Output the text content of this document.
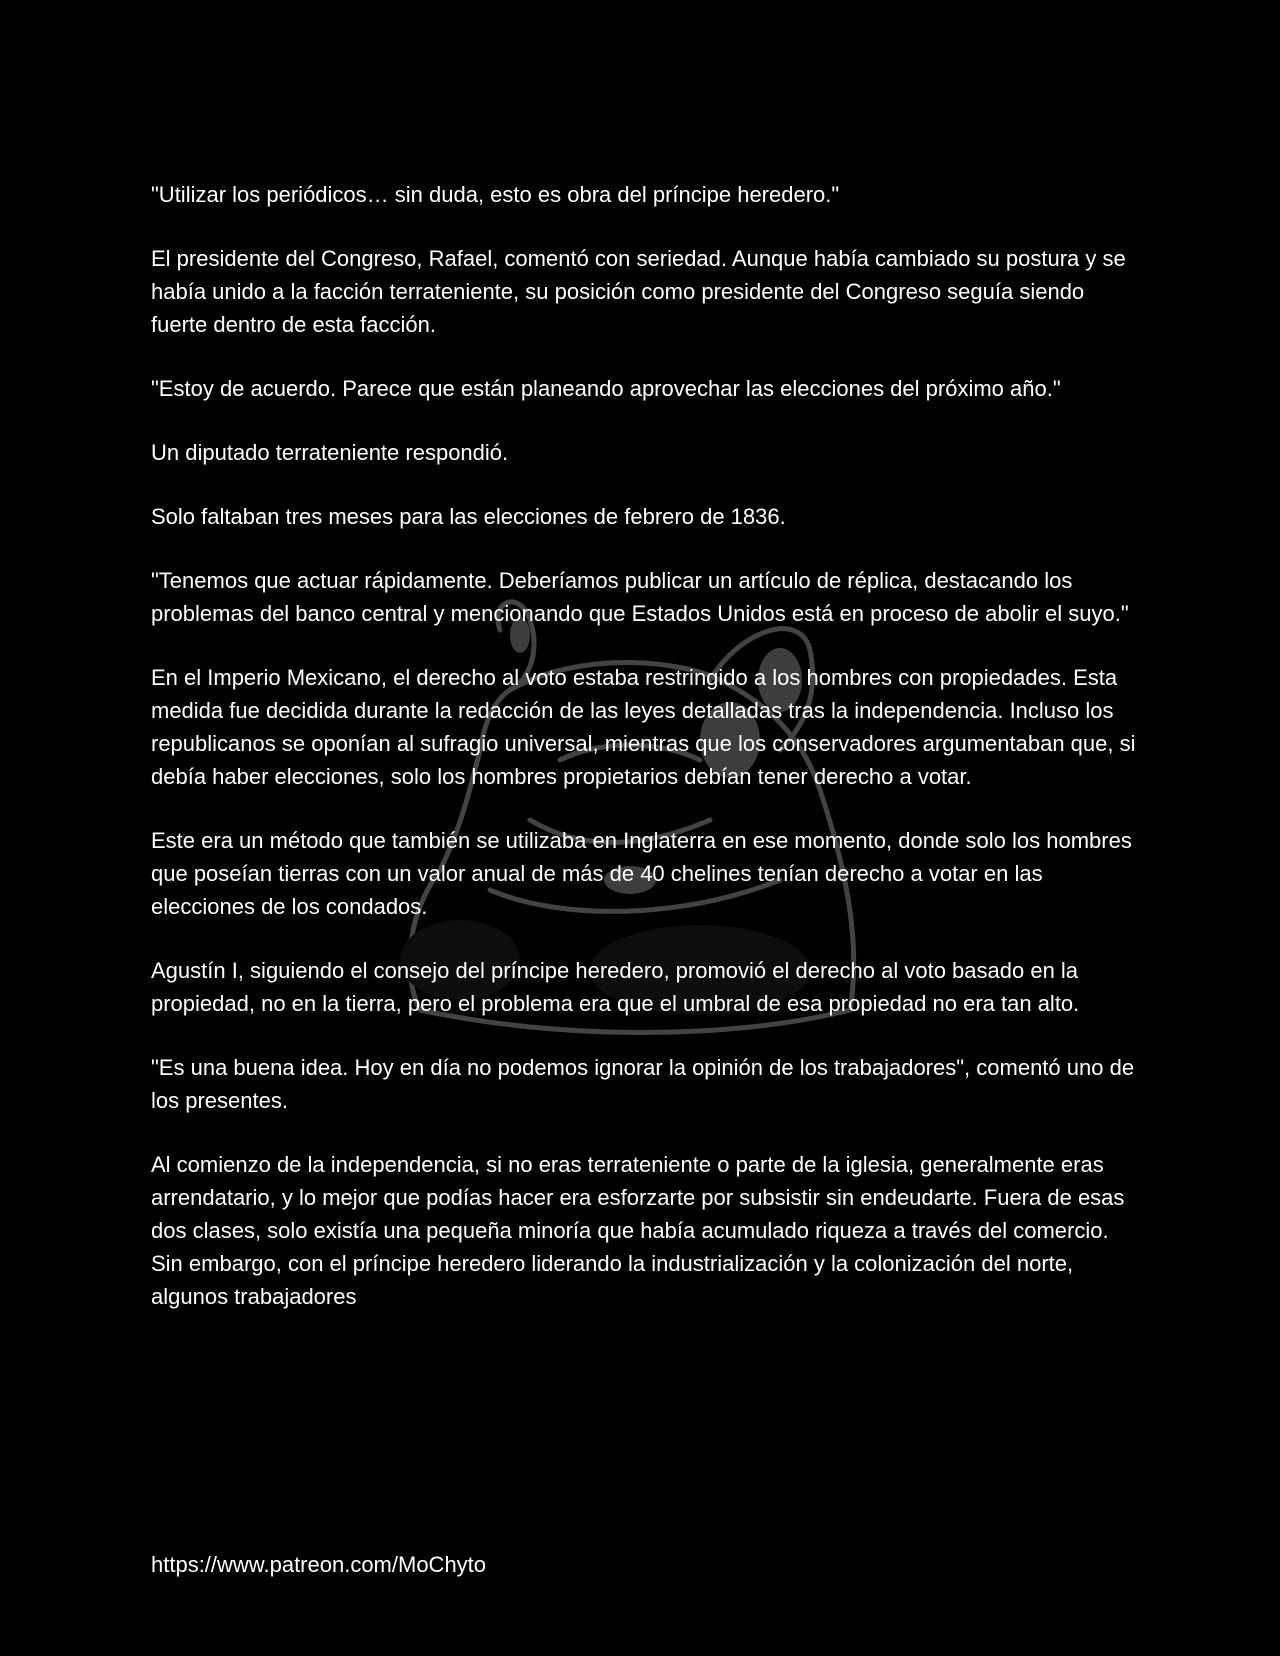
"Utilizar los periódicos… sin duda, esto es obra del príncipe heredero."

El presidente del Congreso, Rafael, comentó con seriedad. Aunque había cambiado su postura y se había unido a la facción terrateniente, su posición como presidente del Congreso seguía siendo fuerte dentro de esta facción.

"Estoy de acuerdo. Parece que están planeando aprovechar las elecciones del próximo año."

Un diputado terrateniente respondió.

Solo faltaban tres meses para las elecciones de febrero de 1836.

"Tenemos que actuar rápidamente. Deberíamos publicar un artículo de réplica, destacando los problemas del banco central y mencionando que Estados Unidos está en proceso de abolir el suyo."

En el Imperio Mexicano, el derecho al voto estaba restringido a los hombres con propiedades. Esta medida fue decidida durante la redacción de las leyes detalladas tras la independencia. Incluso los republicanos se oponían al sufragio universal, mientras que los conservadores argumentaban que, si debía haber elecciones, solo los hombres propietarios debían tener derecho a votar.

Este era un método que también se utilizaba en Inglaterra en ese momento, donde solo los hombres que poseían tierras con un valor anual de más de 40 chelines tenían derecho a votar en las elecciones de los condados.

Agustín I, siguiendo el consejo del príncipe heredero, promovió el derecho al voto basado en la propiedad, no en la tierra, pero el problema era que el umbral de esa propiedad no era tan alto.

"Es una buena idea. Hoy en día no podemos ignorar la opinión de los trabajadores", comentó uno de los presentes.

Al comienzo de la independencia, si no eras terrateniente o parte de la iglesia, generalmente eras arrendatario, y lo mejor que podías hacer era esforzarte por subsistir sin endeudarte. Fuera de esas dos clases, solo existía una pequeña minoría que había acumulado riqueza a través del comercio. Sin embargo, con el príncipe heredero liderando la industrialización y la colonización del norte, algunos trabajadores

https://www.patreon.com/MoChyto
